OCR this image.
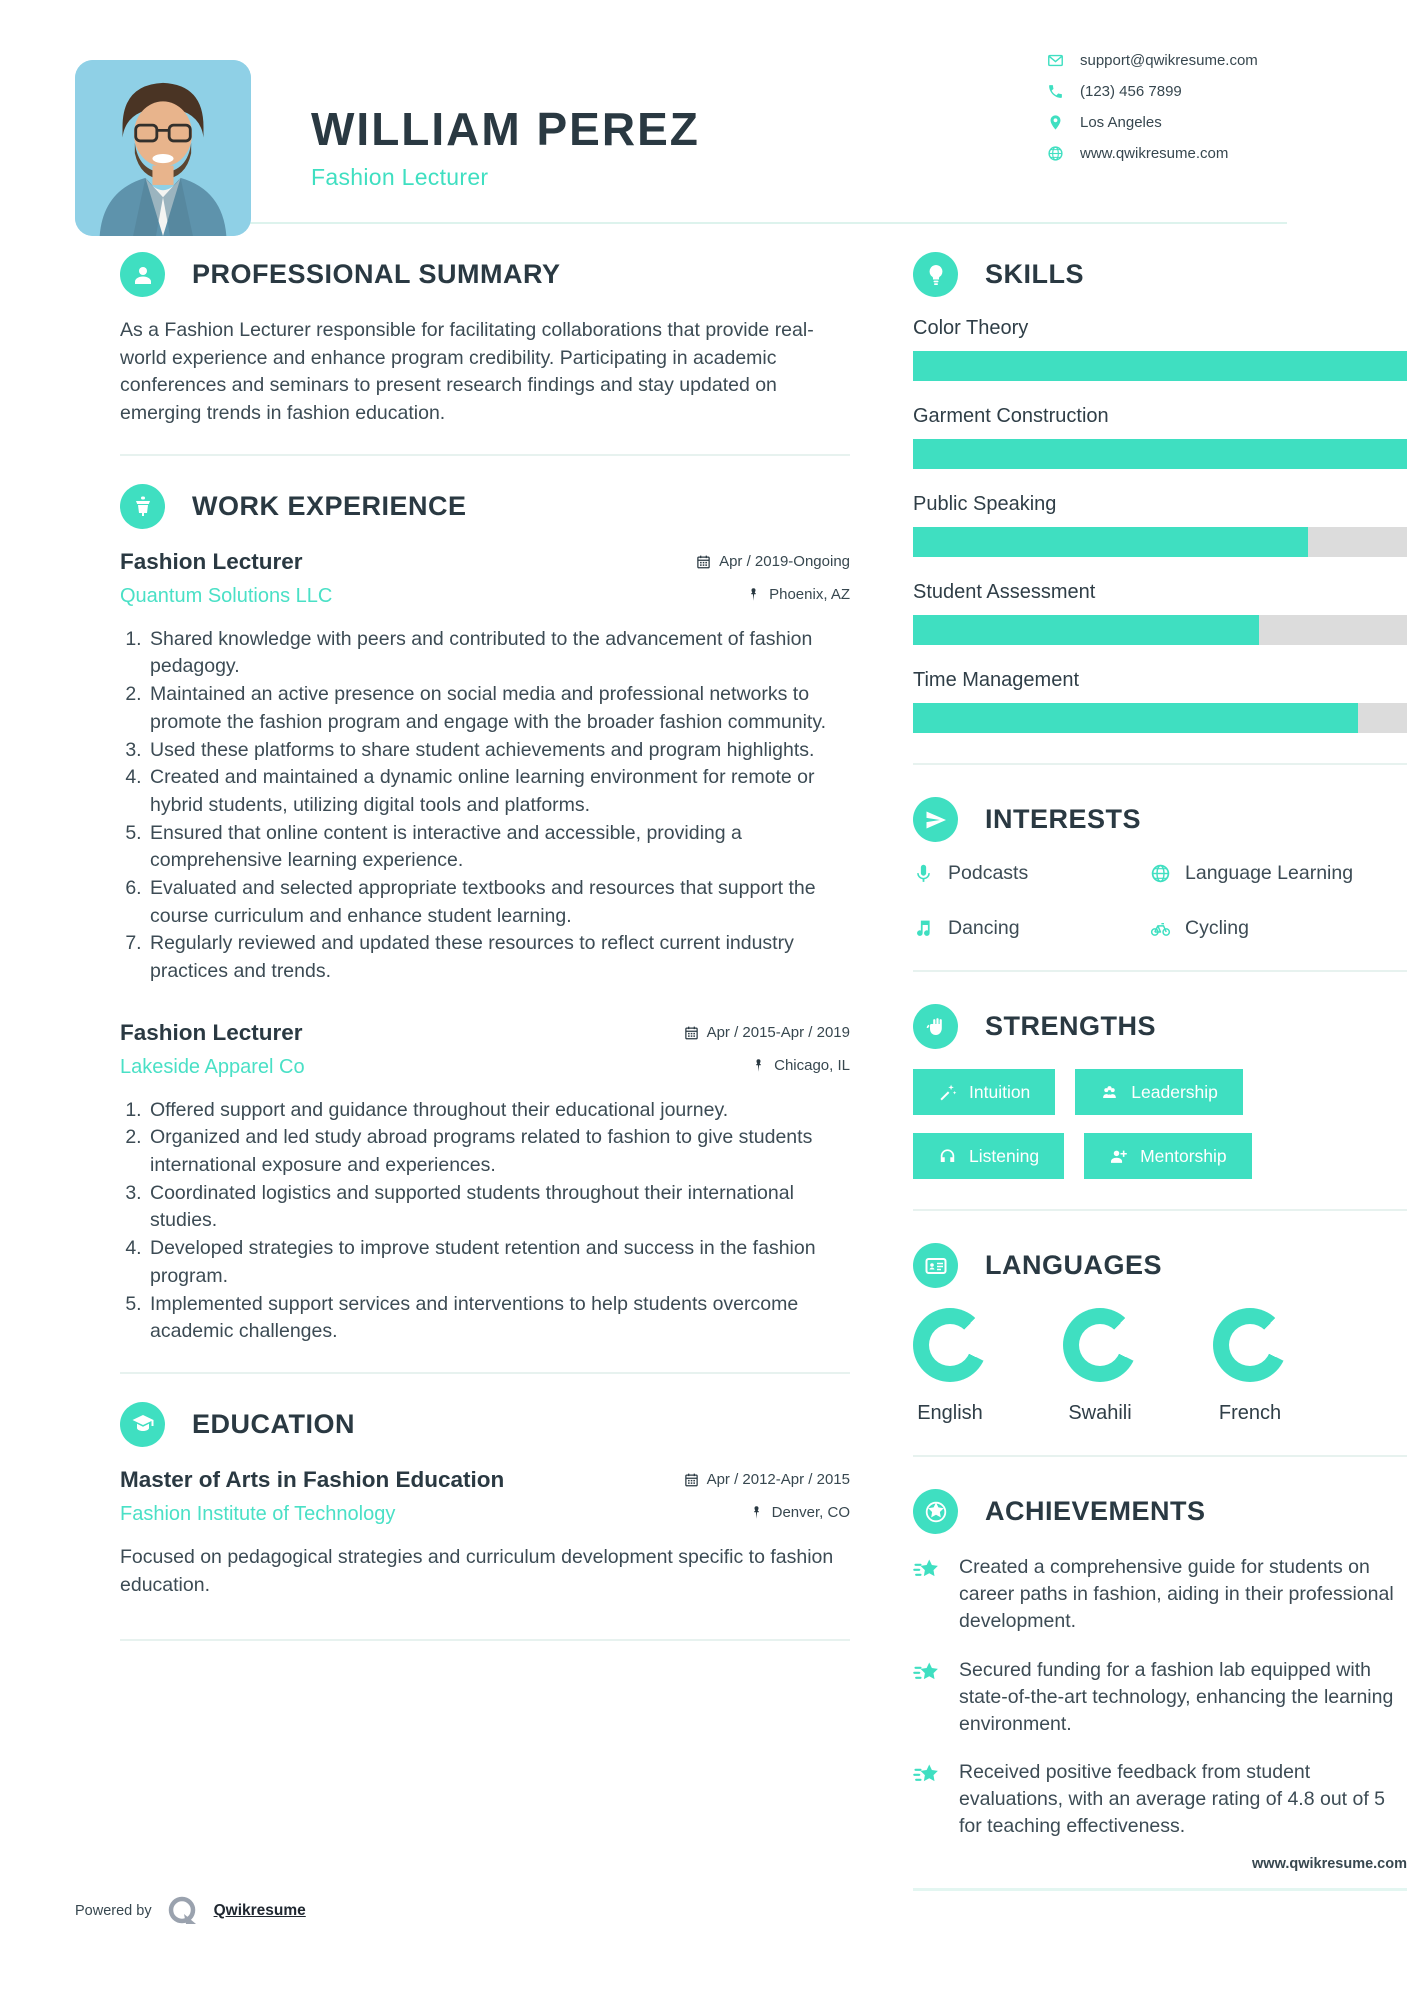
WILLIAM PEREZ
Fashion Lecturer
support@qwikresume.com
(123) 456 7899
Los Angeles
www.qwikresume.com
PROFESSIONAL SUMMARY

As a Fashion Lecturer responsible for facilitating collaborations that provide real-world experience and enhance program credibility. Participating in academic conferences and seminars to present research findings and stay updated on emerging trends in fashion education.

WORK EXPERIENCE
Fashion Lecturer	Apr / 2019-Ongoing
Quantum Solutions LLC	Phoenix, AZ
1. Shared knowledge with peers and contributed to the advancement of fashion pedagogy.
2. Maintained an active presence on social media and professional networks to promote the fashion program and engage with the broader fashion community.
3. Used these platforms to share student achievements and program highlights.
4. Created and maintained a dynamic online learning environment for remote or hybrid students, utilizing digital tools and platforms.
5. Ensured that online content is interactive and accessible, providing a comprehensive learning experience.
6. Evaluated and selected appropriate textbooks and resources that support the course curriculum and enhance student learning.
7. Regularly reviewed and updated these resources to reflect current industry practices and trends.
Fashion Lecturer	Apr / 2015-Apr / 2019
Lakeside Apparel Co	Chicago, IL
1. Offered support and guidance throughout their educational journey.
2. Organized and led study abroad programs related to fashion to give students international exposure and experiences.
3. Coordinated logistics and supported students throughout their international studies.
4. Developed strategies to improve student retention and success in the fashion program.
5. Implemented support services and interventions to help students overcome academic challenges.
EDUCATION
Master of Arts in Fashion Education	Apr / 2012-Apr / 2015
Fashion Institute of Technology	Denver, CO

Focused on pedagogical strategies and curriculum development specific to fashion education.

SKILLS
Color Theory
Garment Construction
Public Speaking
Student Assessment
Time Management
INTERESTS
Podcasts	Language Learning
Dancing	Cycling
STRENGTHS
Intuition	Leadership
Listening	Mentorship
LANGUAGES
English	Swahili	French
ACHIEVEMENTS
Created a comprehensive guide for students on career paths in fashion, aiding in their professional development.
Secured funding for a fashion lab equipped with state-of-the-art technology, enhancing the learning environment.
Received positive feedback from student evaluations, with an average rating of 4.8 out of 5 for teaching effectiveness.
www.qwikresume.com
Powered by	Qwikresume
